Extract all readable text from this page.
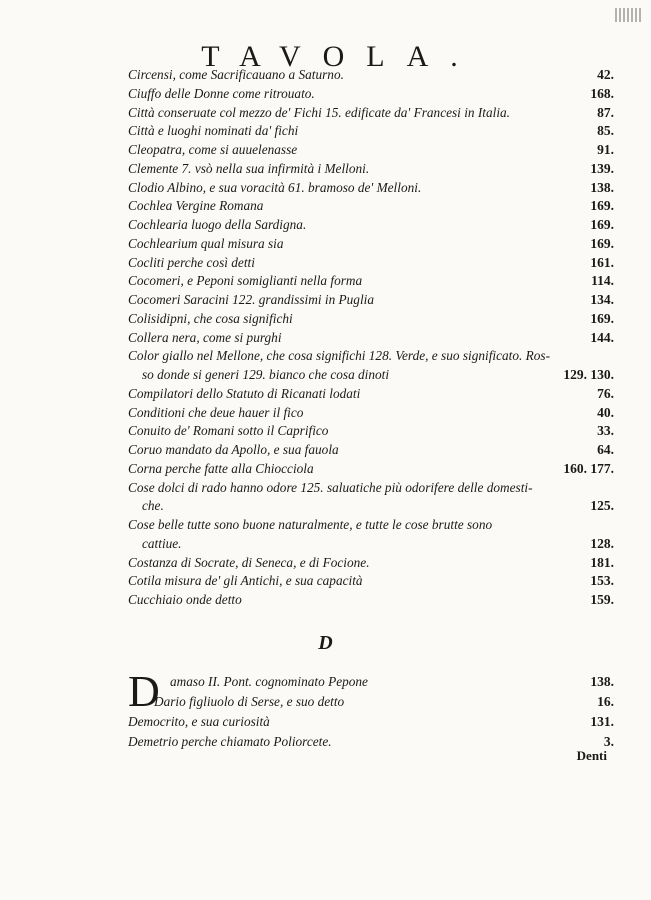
TAVOLA.
Circensi, come Sacrificauano a Saturno.	42.
Ciuffo delle Donne come ritrouato.	168.
Città conseruate col mezzo de' Fichi 15. edificate da' Francesi in Italia.	87.
Città e luoghi nominati da' fichi	85.
Cleopatra, come si auuelenasse	91.
Clemente 7. vsò nella sua infirmità i Melloni.	139.
Clodio Albino, e sua voracità 61. bramoso de' Melloni.	138.
Cochlea Vergine Romana	169.
Cochlearia luogo della Sardigna.	169.
Cochlearium qual misura sia	169.
Cocliti perche così detti	161.
Cocomeri, e Peponi somiglianti nella forma	114.
Cocomeri Saracini 122. grandissimi in Puglia	134.
Colisidipni, che cosa significhi	169.
Collera nera, come si purghi	144.
Color giallo nel Mellone, che cosa significhi 128. Verde, e suo significato. Ros-
so donde si generi 129. bianco che cosa dinoti	129. 130.
Compilatori dello Statuto di Ricanati lodati	76.
Conditioni che deue hauer il fico	40.
Conuito de' Romani sotto il Caprifico	33.
Coruo mandato da Apollo, e sua fauola	64.
Corna perche fatte alla Chiocciola	160. 177.
Cose dolci di rado hanno odore 125. saluatiche più odorifere delle domesti-
che.	125.
Cose belle tutte sono buone naturalmente, e tutte le cose brutte sono
cattiue.	128.
Costanza di Socrate, di Seneca, e di Focione.	181.
Cotila misura de' gli Antichi, e sua capacità	153.
Cucchiaio onde detto	159.
D
D amaso II. Pont. cognominato Pepone	138.
Dario figliuolo di Serse, e suo detto	16.
Democrito, e sua curiosità	131.
Demetrio perche chiamato Poliorcete.	3.
Denti
